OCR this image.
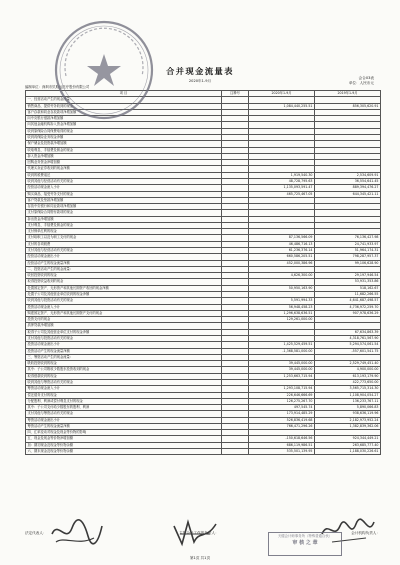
合并现金流量表
2020年1-9月
会合03表
单位：人民币元
编制单位：深圳市贝斯达医疗股份有限公司
项 目	注释号	2020年1-9月	2019年1-9月
一、经营活动产生的现金流量：			
销售商品、提供劳务收到的现金		1,084,440,255.51	856,305,620.91
客户存款和同业存放款项净增加额			
向中央银行借款净增加额			
向其他金融机构拆入资金净增加额			
收到原保险合同保费取得的现金			
收到再保险业务现金净额			
保户储金及投资款净增加额			
收取利息、手续费及佣金的现金			
拆入资金净增加额			
回购业务资金净增加额			
代理买卖证券收到的现金净额			
收到的税费返还		1,919,540.30	2,534,609.91
收到其他与经营活动有关的现金		48,728,795.63	36,554,641.45
经营活动现金流入小计		1,135,093,591.47	889,394,476.27
购买商品、接受劳务支付的现金		465,725,467.05	644,345,421.11
客户贷款及垫款净增加额			
存放中央银行和同业款项净增加额			
支付原保险合同赔付款项的现金			
拆出资金净增加额			
支付利息、手续费及佣金的现金			
支付保单红利的现金			
支付给职工以及为职工支付的现金		87,136,566.09	76,136,427.98
支付的各项税费		46,486,716.13	24,741,933.97
支付其他与经营活动有关的现金		61,236,376.14	51,964,174.31
经营活动现金流出小计		660,586,205.51	798,287,957.37
经营活动产生的现金流量净额		452,000,386.96	99,106,628.90
二、投资活动产生的现金流量：			
收回投资收到的现金		4,626,300.00	29,197,946.54
取得投资收益收到的现金			53,931,353.86
处置固定资产、无形资产和其他长期资产收回的现金净额		50,950,163.90	518,162.67
处置子公司及其他营业单位收到的现金净额			11,682,266.55
收到其他与投资活动有关的现金		5,591,994.33	4,641,687,498.57
投资活动现金流入小计		56,948,458.23	4,736,972,259.70
购建固定资产、无形资产和其他长期资产支付的现金		1,296,638,636.51	907,978,636.29
投资支付的现金		129,261,000.00	
质押贷款净增加额			
取得子公司及其他营业单位支付的现金净额			67,634,863.39
支付其他与投资活动有关的现金			4,318,761,567.90
投资活动现金流出小计		1,425,529,459.51	5,294,574,061.54
投资活动产生的现金流量净额		-1,368,581,000.00	-557,601,541.75
三、筹资活动产生的现金流量：			
吸收投资收到的现金		39,445,000.00	2,529,749,451.40
其中：子公司吸收少数股东投资收到的现金		39,445,000.00	4,900,000.00
取得借款收到的现金		1,253,663,715.94	613,193,179.90
收到其他与筹资活动有关的现金			422,773,650.00
筹资活动现金流入小计		1,293,108,715.94	3,565,715,314.30
偿还债务支付的现金		226,646,666.69	1,108,904,054.27
分配股利、利润或偿付利息支付的现金		126,275,267.70	136,233,767.11
其中：子公司支付给少数股东的股利、利润		497,545.74	5,890,066.83
支付其他与筹资活动有关的现金		173,914,485.29	938,636,119.96
筹资活动现金流出小计		526,836,419.68	2,182,973,952.24
筹资活动产生的现金流量净额		766,471,296.26	1,382,839,362.06
四、汇率变动对现金及现金等价物的影响			
五、现金及现金等价物净增加额		-150,618,646.56	924,344,449.21
加：期初现金及现金等价物余额		686,119,986.51	263,685,777.40
六、期末现金及现金等价物余额		535,501,139.95	1,188,030,226.61
法定代表人：	主管会计工作的负责人：	会计机构负责人：
第1页 共1页
天健会计师事务所（特殊普通合伙）
审 核 之 章
